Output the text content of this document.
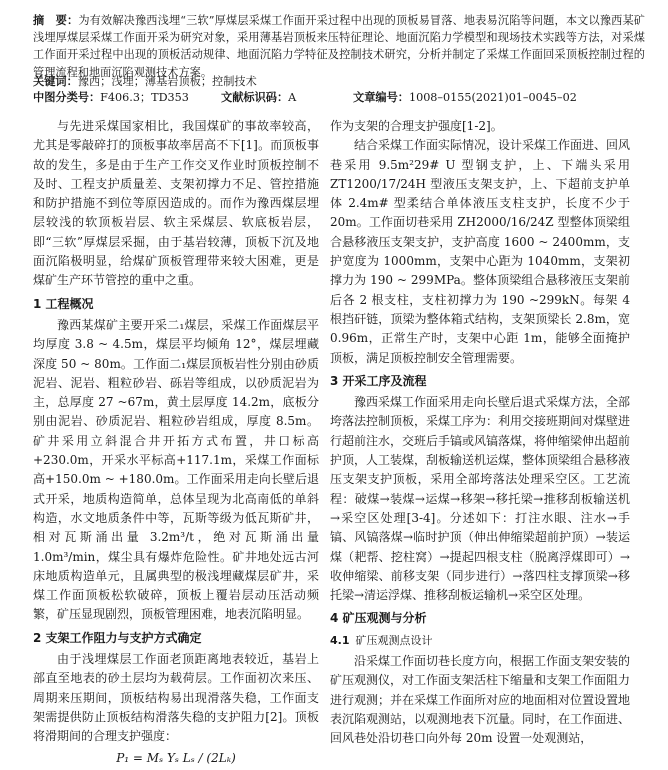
摘　要：为有效解决豫西浅埋“三软”厚煤层采煤工作面开采过程中出现的顶板易冒落、地表易沉陷等问题，本文以豫西某矿浅埋厚煤层采煤工作面开采为研究对象，采用薄基岩顶板来压特征理论、地面沉陷力学模型和现场技术实践等方法，对采煤工作面开采过程中出现的顶板活动规律、地面沉陷力学特征及控制技术研究，分析并制定了采煤工作面回采顶板控制过程的管理流程和地面沉陷观测技术方案。
关键词：豫西；浅埋；薄基岩顶板；控制技术
中图分类号：F406.3；TD353	文献标识码：A	文章编号：1008–0155(2021)01–0045–02

与先进采煤国家相比，我国煤矿的事故率较高，尤其是零敲碎打的顶板事故率居高不下[1]。而顶板事故的发生，多是由于生产工作交叉作业时顶板控制不及时、工程支护质量差、支架初撑力不足、管控措施和防护措施不到位等原因造成的。而作为豫西煤层埋层较浅的软顶板岩层、软主采煤层、软底板岩层，即“三软”厚煤层采掘，由于基岩较薄，顶板下沉及地面沉陷极明显，给煤矿顶板管理带来较大困难，更是煤矿生产环节管控的重中之重。

1 工程概况

豫西某煤矿主要开采二₁煤层，采煤工作面煤层平均厚度 3.8 ~ 4.5m，煤层平均倾角 12°，煤层埋藏深度 50 ~ 80m。工作面二₁煤层顶板岩性分别由砂质泥岩、泥岩、粗粒砂岩、砾岩等组成，以砂质泥岩为主，总厚度 27 ~67m，黄土层厚度 14.2m，底板分别由泥岩、砂质泥岩、粗粒砂岩组成，厚度 8.5m。矿井采用立斜混合井开拓方式布置，井口标高+230.0m，开采水平标高+117.1m，采煤工作面标高+150.0m ~ +180.0m。工作面采用走向长壁后退式开采，地质构造简单，总体呈现为北高南低的单斜构造，水文地质条件中等，瓦斯等级为低瓦斯矿井，相对瓦斯涌出量 3.2m³/t，绝对瓦斯涌出量 1.0m³/min，煤尘具有爆炸危险性。矿井地处远古河床地质构造单元，且属典型的极浅埋藏煤层矿井，采煤工作面顶板松软破碎，顶板上覆岩层动压活动频繁，矿压显现剧烈，顶板管理困难，地表沉陷明显。

2 支架工作阻力与支护方式确定

由于浅埋煤层工作面老顶距离地表较近，基岩上部直至地表的砂土层均为载荷层。工作面初次来压、周期来压期间，顶板结构易出现滑落失稳，工作面支架需提供防止顶板结构滑落失稳的支护阻力[2]。顶板将滑期间的合理支护强度：

P₁ = Mₛ Yₛ Lₛ / (2Lₖ)

作为支架的合理支护强度[1-2]。

结合采煤工作面实际情况，设计采煤工作面进、回风巷采用 9.5m²29# U 型钢支护，上、下端头采用 ZT1200/17/24H 型液压支架支护，上、下超前支护单体 2.4m# 型柔结合单体液压支柱支护，长度不少于 20m。工作面切巷采用 ZH2000/16/24Z 型整体顶梁组合悬移液压支架支护，支护高度 1600 ~ 2400mm，支护宽度为 1000mm，支架中心距为 1040mm，支架初撑力为 190 ~ 299MPa。整体顶梁组合悬移液压支架前后各 2 根支柱，支柱初撑力为 190 ~299kN。每架 4 根挡矸链，顶梁为整体箱式结构，支架顶梁长 2.8m，宽 0.96m，正常生产时，支架中心距 1m，能够全面掩护顶板，满足顶板控制安全管理需要。

3 开采工序及流程

豫西采煤工作面采用走向长壁后退式采煤方法，全部垮落法控制顶板，采煤工序为：利用交接班期间对煤壁进行超前注水，交班后手镐或风镐落煤，将伸缩梁伸出超前护顶，人工装煤，刮板输送机运煤，整体顶梁组合悬移液压支架支护顶板，采用全部垮落法处理采空区。工艺流程：破煤→装煤→运煤→移架→移托梁→推移刮板输送机→采空区处理[3-4]。分述如下：打注水眼、注水→手镐、风镐落煤→临时护顶（伸出伸缩梁超前护顶）→装运煤（耙帮、挖柱窝）→提起四根支柱（脱离浮煤即可）→收伸缩梁、前移支架（同步进行）→落四柱支撑顶梁→移托梁→清运浮煤、推移刮板运输机→采空区处理。

4 矿压观测与分析
4.1 矿压观测点设计

沿采煤工作面切巷长度方向，根据工作面支架安装的矿压观测仪，对工作面支架活柱下缩量和支架工作面阻力进行观测；并在采煤工作面所对应的地面相对位置设置地表沉陷观测站，以观测地表下沉量。同时，在工作面进、回风巷处沿切巷口向外每 20m 设置一处观测站，
